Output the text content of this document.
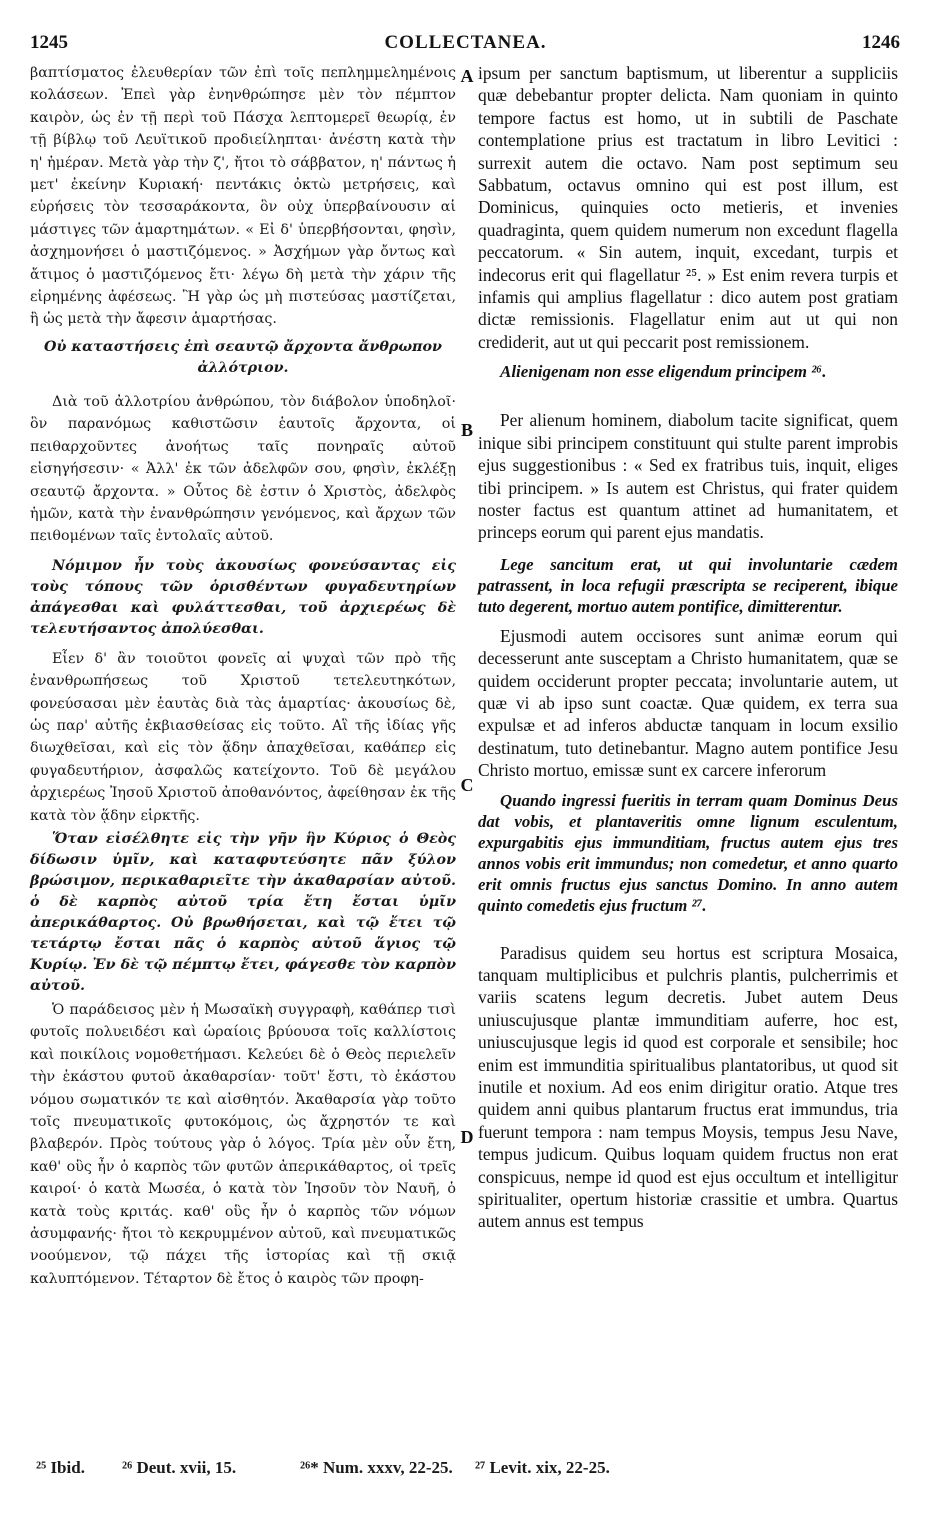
1245	COLLECTANEA.	1246

βαπτίσματος ἐλευθερίαν τῶν ἐπὶ τοῖς πεπλημμελημένοις κολάσεων. Ἐπεὶ γὰρ ἐνηνθρώπησε μὲν τὸν πέμπτον καιρὸν, ὡς ἐν τῇ περὶ τοῦ Πάσχα λεπτομερεῖ θεωρίᾳ, ἐν τῇ βίβλῳ τοῦ Λευϊτικοῦ προδιείληπται· ἀνέστη κατὰ τὴν η' ἡμέραν. Μετὰ γὰρ τὴν ζ', ἤτοι τὸ σάββατον, η' πάντως ἡ μετ' ἐκείνην Κυριακή· πεντάκις ὀκτὼ μετρήσεις, καὶ εὑρήσεις τὸν τεσσαράκοντα, ὃν οὐχ ὑπερβαίνουσιν αἱ μάστιγες τῶν ἁμαρτημάτων. « Εἰ δ' ὑπερβήσονται, φησὶν, ἀσχημονήσει ὁ μαστιζόμενος. » Ἀσχήμων γὰρ ὄντως καὶ ἄτιμος ὁ μαστιζόμενος ἔτι· λέγω δὴ μετὰ τὴν χάριν τῆς εἰρημένης ἀφέσεως. Ἢ γὰρ ὡς μὴ πιστεύσας μαστίζεται, ἢ ὡς μετὰ τὴν ἄφεσιν ἁμαρτήσας.

Οὐ καταστήσεις ἐπὶ σεαυτῷ ἄρχοντα ἄνθρωπον ἀλλότριον.

Διὰ τοῦ ἀλλοτρίου ἀνθρώπου, τὸν διάβολον ὑποδηλοῖ· ὃν παρανόμως καθιστῶσιν ἑαυτοῖς ἄρχοντα, οἱ πειθαρχοῦντες ἀνοήτως ταῖς πονηραῖς αὐτοῦ εἰσηγήσεσιν· « Ἀλλ' ἐκ τῶν ἀδελφῶν σου, φησὶν, ἐκλέξῃ σεαυτῷ ἄρχοντα. » Οὗτος δὲ ἐστιν ὁ Χριστὸς, ἀδελφὸς ἡμῶν, κατὰ τὴν ἐνανθρώπησιν γενόμενος, καὶ ἄρχων τῶν πειθομένων ταῖς ἐντολαῖς αὐτοῦ.

Νόμιμον ἦν τοὺς ἀκουσίως φονεύσαντας εἰς τοὺς τόπους τῶν ὁρισθέντων φυγαδευτηρίων ἀπάγεσθαι καὶ φυλάττεσθαι, τοῦ ἀρχιερέως δὲ τελευτήσαντος ἀπολύεσθαι.

Εἶεν δ' ἂν τοιοῦτοι φονεῖς αἱ ψυχαὶ τῶν πρὸ τῆς ἐνανθρωπήσεως τοῦ Χριστοῦ τετελευτηκότων, φονεύσασαι μὲν ἑαυτὰς διὰ τὰς ἁμαρτίας· ἀκουσίως δὲ, ὡς παρ' αὐτῆς ἐκβιασθείσας εἰς τοῦτο. Αἳ τῆς ἰδίας γῆς διωχθεῖσαι, καὶ εἰς τὸν ᾅδην ἀπαχθεῖσαι, καθάπερ εἰς φυγαδευτήριον, ἀσφαλῶς κατείχοντο. Τοῦ δὲ μεγάλου ἀρχιερέως Ἰησοῦ Χριστοῦ ἀποθανόντος, ἀφείθησαν ἐκ τῆς κατὰ τὸν ᾅδην εἱρκτῆς.

Ὅταν εἰσέλθητε εἰς τὴν γῆν ἣν Κύριος ὁ Θεὸς δίδωσιν ὑμῖν, καὶ καταφυτεύσητε πᾶν ξύλον βρώσιμον, περικαθαριεῖτε τὴν ἀκαθαρσίαν αὐτοῦ. ὁ δὲ καρπὸς αὐτοῦ τρία ἔτη ἔσται ὑμῖν ἀπερικάθαρτος. Οὐ βρωθήσεται, καὶ τῷ ἔτει τῷ τετάρτῳ ἔσται πᾶς ὁ καρπὸς αὐτοῦ ἅγιος τῷ Κυρίῳ. Ἐν δὲ τῷ πέμπτῳ ἔτει, φάγεσθε τὸν καρπὸν αὐτοῦ.

Ὁ παράδεισος μὲν ἡ Μωσαϊκὴ συγγραφὴ, καθάπερ τισὶ φυτοῖς πολυειδέσι καὶ ὡραίοις βρύουσα τοῖς καλλίστοις καὶ ποικίλοις νομοθετήμασι. Κελεύει δὲ ὁ Θεὸς περιελεῖν τὴν ἑκάστου φυτοῦ ἀκαθαρσίαν· τοῦτ' ἔστι, τὸ ἑκάστου νόμου σωματικόν τε καὶ αἰσθητόν. Ἀκαθαρσία γὰρ τοῦτο τοῖς πνευματικοῖς φυτοκόμοις, ὡς ἄχρηστόν τε καὶ βλαβερόν. Πρὸς τούτους γὰρ ὁ λόγος. Τρία μὲν οὖν ἔτη, καθ' οὓς ἦν ὁ καρπὸς τῶν φυτῶν ἀπερικάθαρτος, οἱ τρεῖς καιροί· ὁ κατὰ Μωσέα, ὁ κατὰ τὸν Ἰησοῦν τὸν Ναυῆ, ὁ κατὰ τοὺς κριτάς. καθ' οὓς ἦν ὁ καρπὸς τῶν νόμων ἀσυμφανής· ἤτοι τὸ κεκρυμμένον αὐτοῦ, καὶ πνευματικῶς νοούμενον, τῷ πάχει τῆς ἱστορίας καὶ τῇ σκιᾷ καλυπτόμενον. Τέταρτον δὲ ἔτος ὁ καιρὸς τῶν προφη-

ipsum per sanctum baptismum, ut liberentur a suppliciis quæ debebantur propter delicta. Nam quoniam in quinto tempore factus est homo, ut in subtili de Paschate contemplatione prius est tractatum in libro Levitici : surrexit autem die octavo. Nam post septimum seu Sabbatum, octavus omnino qui est post illum, est Dominicus, quinquies octo metieris, et invenies quadraginta, quem quidem numerum non excedunt flagella peccatorum. « Sin autem, inquit, excedant, turpis et indecorus erit qui flagellatur ²⁵. » Est enim revera turpis et infamis qui amplius flagellatur : dico autem post gratiam dictæ remissionis. Flagellatur enim aut ut qui non crediderit, aut ut qui peccarit post remissionem.

Alienigenam non esse eligendum principem ²⁶.

Per alienum hominem, diabolum tacite significat, quem inique sibi principem constituunt qui stulte parent improbis ejus suggestionibus : « Sed ex fratribus tuis, inquit, eliges tibi principem. » Is autem est Christus, qui frater quidem noster factus est quantum attinet ad humanitatem, et princeps eorum qui parent ejus mandatis.

Lege sancitum erat, ut qui involuntarie cædem patrassent, in loca refugii præscripta se reciperent, ibique tuto degerent, mortuo autem pontifice, dimitterentur.

Ejusmodi autem occisores sunt animæ eorum qui decesserunt ante susceptam a Christo humanitatem, quæ se quidem occiderunt propter peccata; involuntarie autem, ut quæ vi ab ipso sunt coactæ. Quæ quidem, ex terra sua expulsæ et ad inferos abductæ tanquam in locum exsilio destinatum, tuto detinebantur. Magno autem pontifice Jesu Christo mortuo, emissæ sunt ex carcere inferorum

Quando ingressi fueritis in terram quam Dominus Deus dat vobis, et plantaveritis omne lignum esculentum, expurgabitis ejus immunditiam, fructus autem ejus tres annos vobis erit immundus; non comedetur, et anno quarto erit omnis fructus ejus sanctus Domino. In anno autem quinto comedetis ejus fructum ²⁷.

Paradisus quidem seu hortus est scriptura Mosaica, tanquam multiplicibus et pulchris plantis, pulcherrimis et variis scatens legum decretis. Jubet autem Deus uniuscujusque plantæ immunditiam auferre, hoc est, uniuscujusque legis id quod est corporale et sensibile; hoc enim est immunditia spiritualibus plantatoribus, ut quod sit inutile et noxium. Ad eos enim dirigitur oratio. Atque tres quidem anni quibus plantarum fructus erat immundus, tria fuerunt tempora : nam tempus Moysis, tempus Jesu Nave, tempus judicum. Quibus loquam quidem fructus non erat conspicuus, nempe id quod est ejus occultum et intelligitur spiritualiter, opertum historiæ crassitie et umbra. Quartus autem annus est tempus

A
B
C
D
²⁵ Ibid. ²⁶ Deut. xvii, 15.	²⁶* Num. xxxv, 22-25. ²⁷ Levit. xix, 22-25.
